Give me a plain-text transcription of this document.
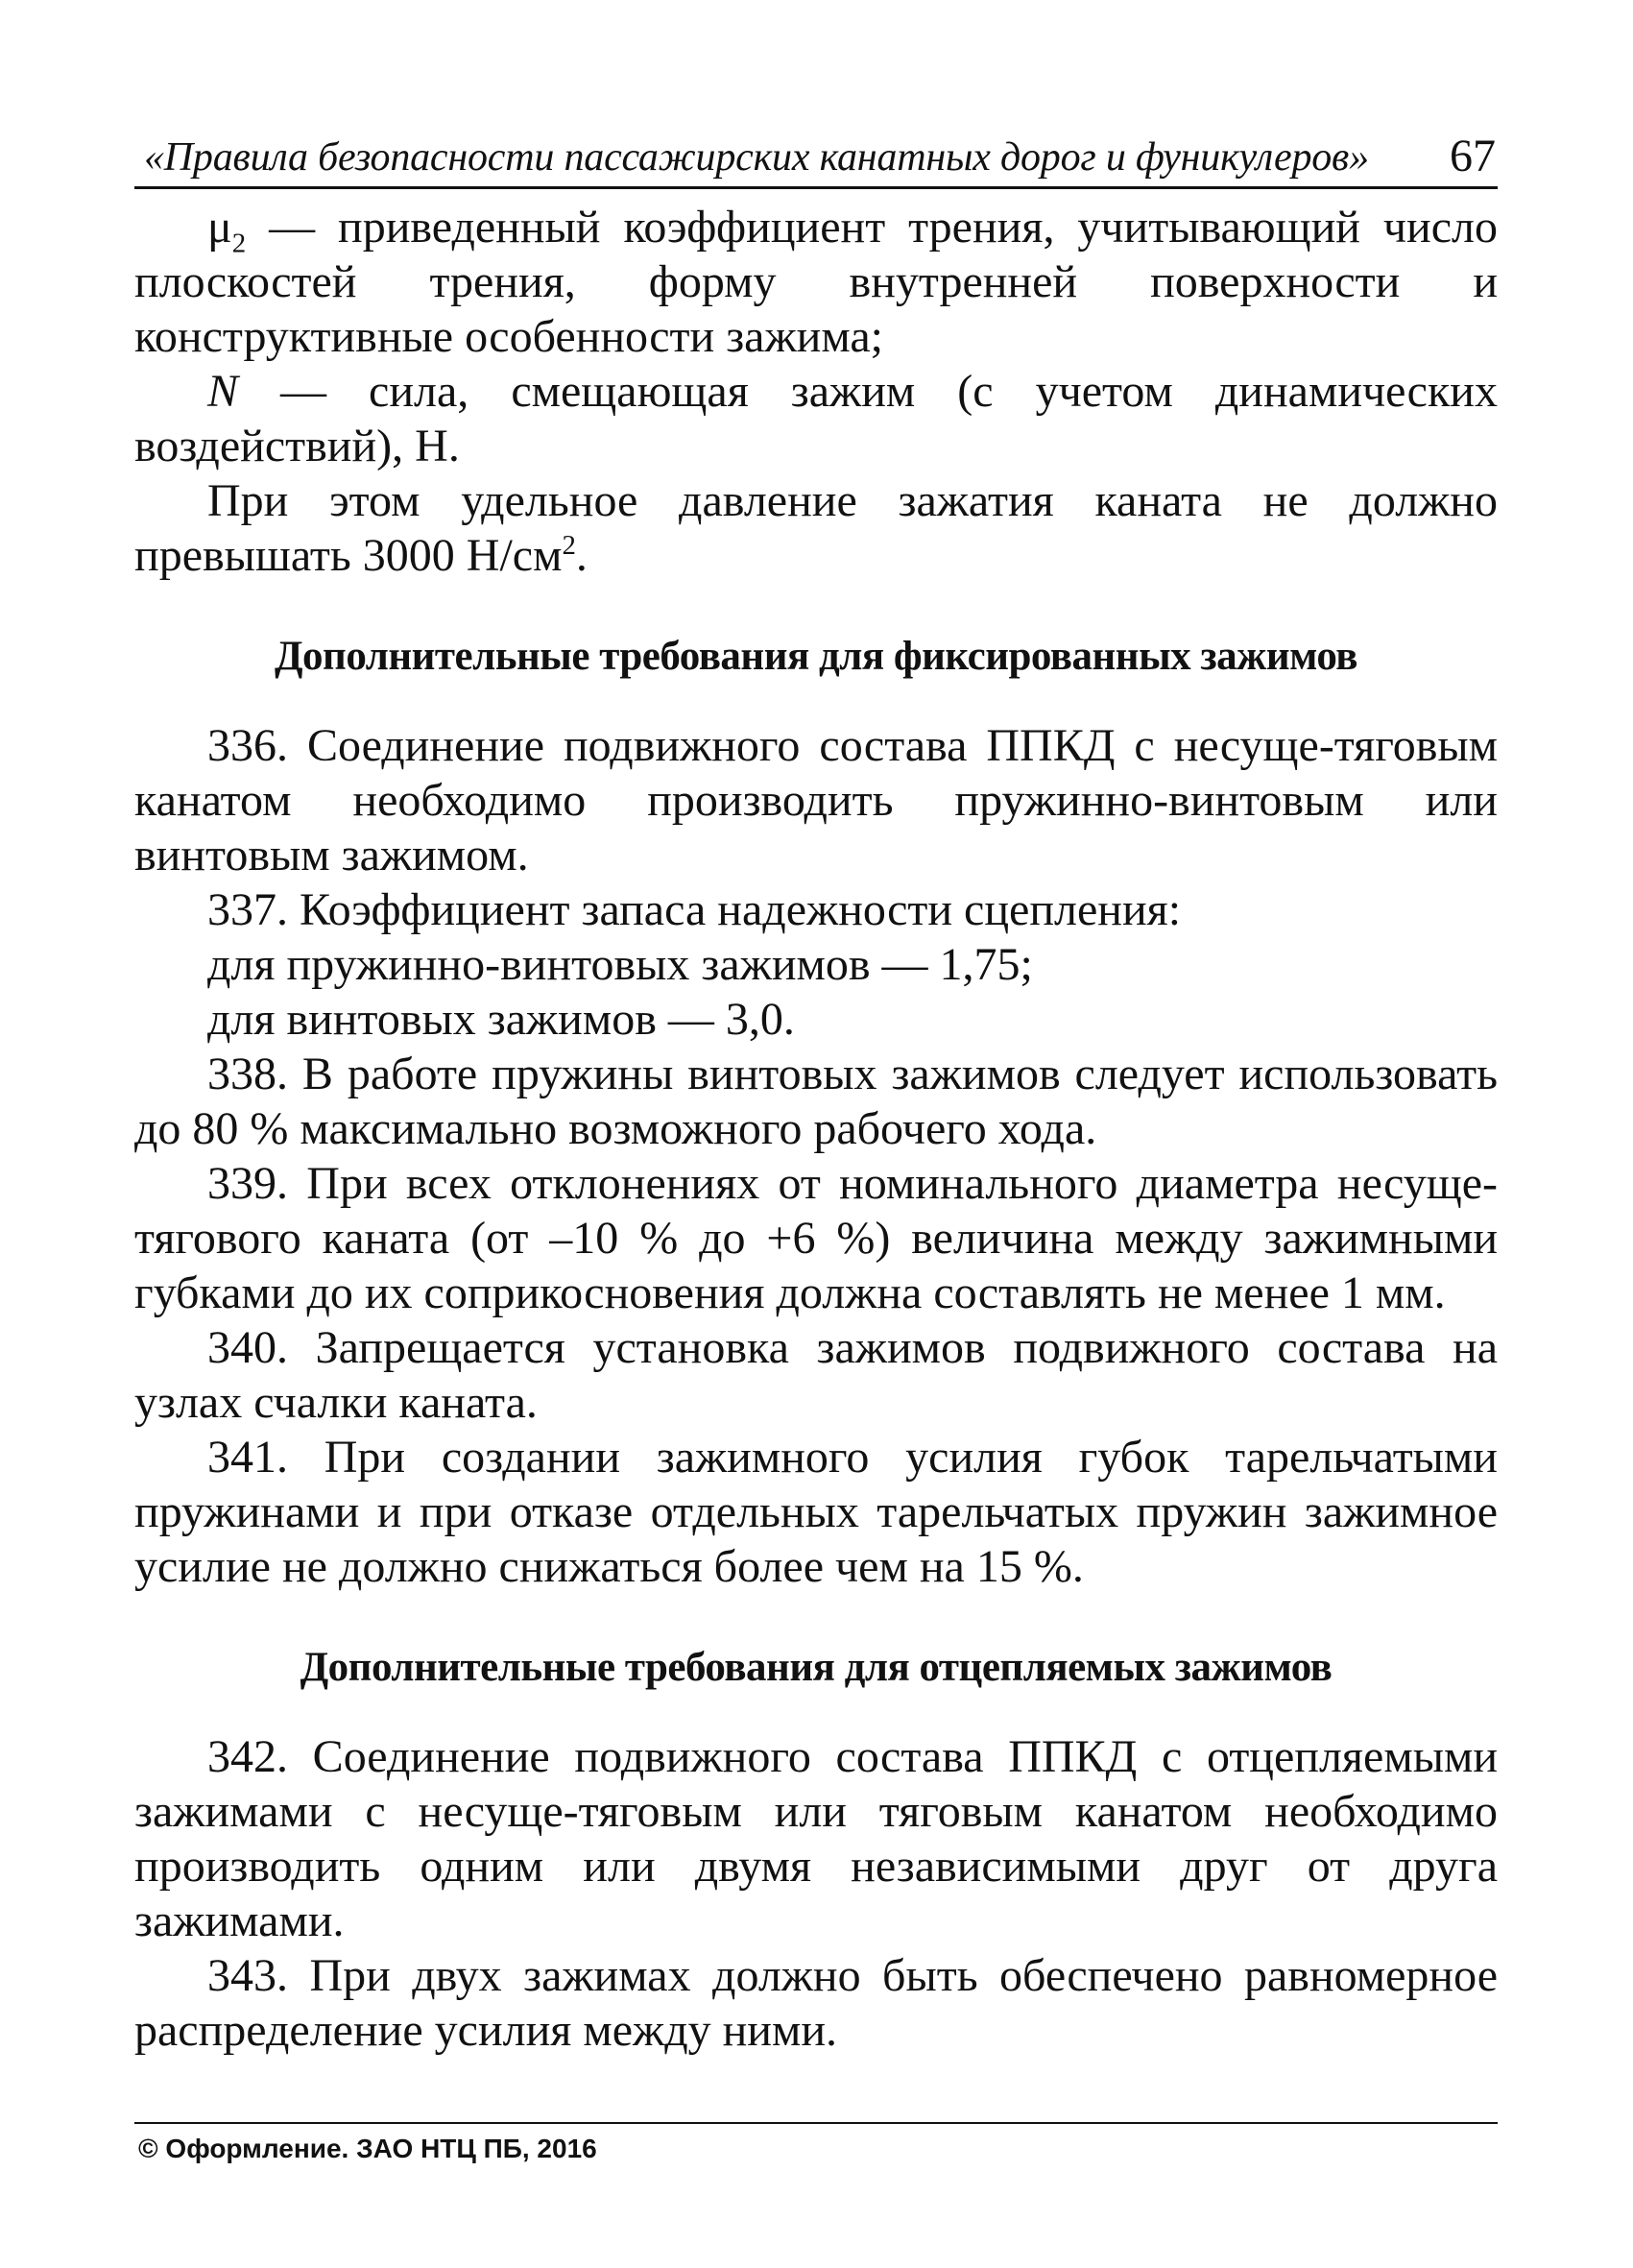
«Правила безопасности пассажирских канатных дорог и фуникулеров» 67

$\mu_2$ — приведенный коэффициент трения, учитывающий число плоскостей трения, форму внутренней поверхности и конструктивные особенности зажима;

N — сила, смещающая зажим (с учетом динамических воздействий), Н.

При этом удельное давление зажатия каната не должно превышать 3000 $Н/см^2$.

Дополнительные требования для фиксированных зажимов

336. Соединение подвижного состава ППКД с несуще-тяговым канатом необходимо производить пружинно-винтовым или винтовым зажимом.

337. Коэффициент запаса надежности сцепления:

для пружинно-винтовых зажимов — 1,75;

для винтовых зажимов — 3,0.

338. В работе пружины винтовых зажимов следует использовать до 80 % максимально возможного рабочего хода.

339. При всех отклонениях от номинального диаметра несуще-тягового каната (от –10 % до +6 %) величина между зажимными губками до их соприкосновения должна составлять не менее 1 мм.

340. Запрещается установка зажимов подвижного состава на узлах счалки каната.

341. При создании зажимного усилия губок тарельчатыми пружинами и при отказе отдельных тарельчатых пружин зажимное усилие не должно снижаться более чем на 15 %.

Дополнительные требования для отцепляемых зажимов

342. Соединение подвижного состава ППКД с отцепляемыми зажимами с несуще-тяговым или тяговым канатом необходимо производить одним или двумя независимыми друг от друга зажимами.

343. При двух зажимах должно быть обеспечено равномерное распределение усилия между ними.

© Оформление. ЗАО НТЦ ПБ, 2016
